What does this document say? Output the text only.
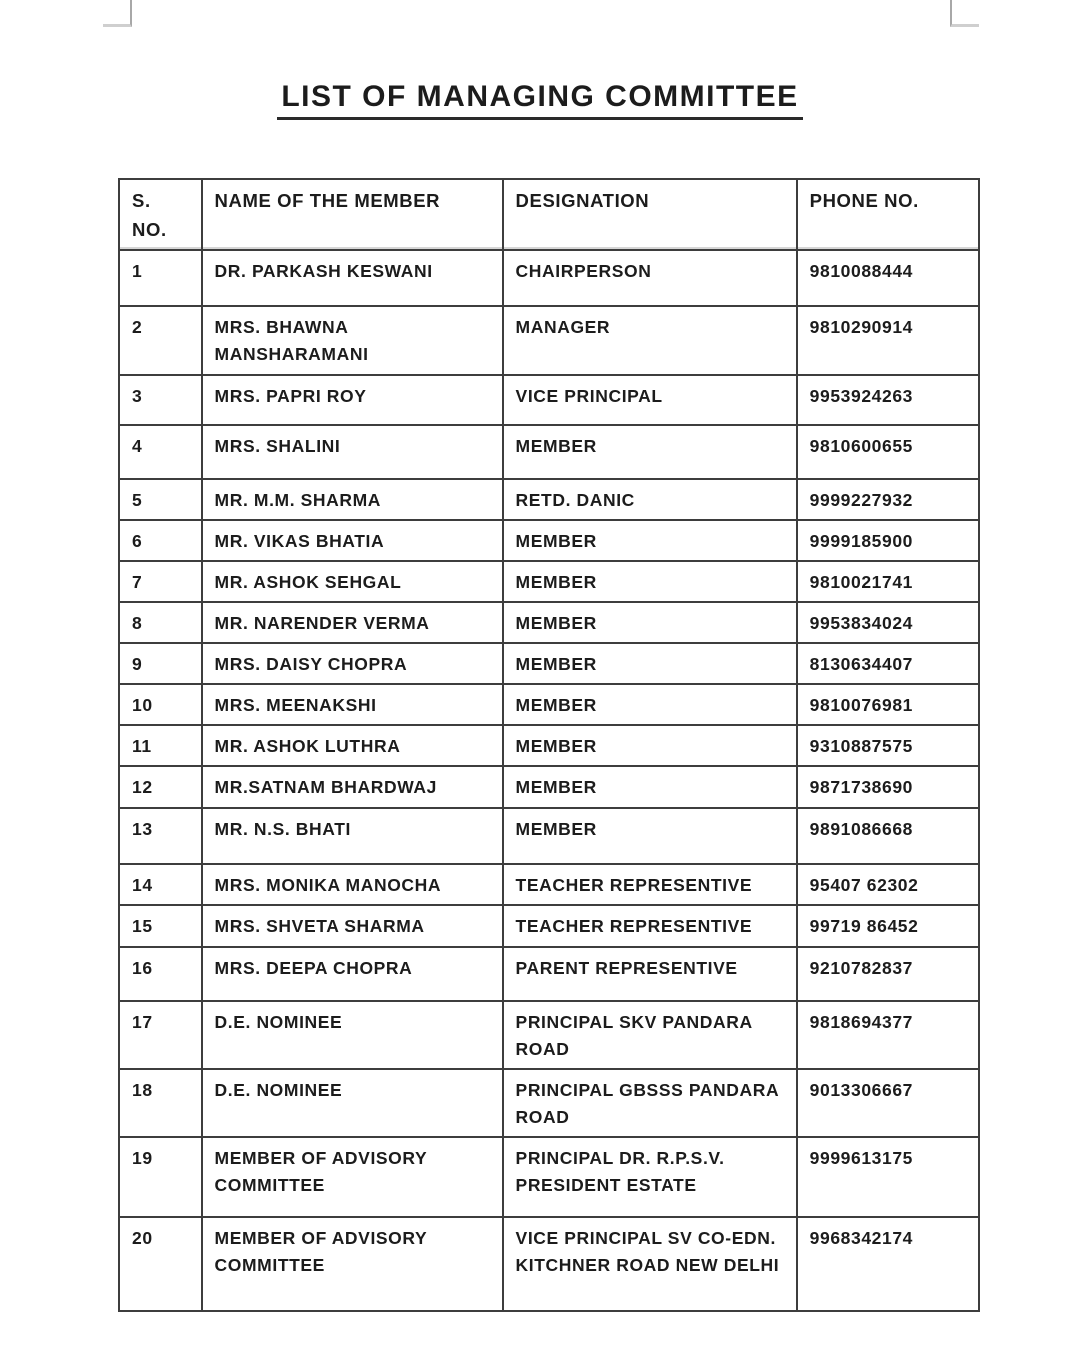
LIST OF MANAGING COMMITTEE
S. NO.	NAME OF THE MEMBER	DESIGNATION	PHONE NO.
1	DR. PARKASH KESWANI	CHAIRPERSON	9810088444
2	MRS. BHAWNA MANSHARAMANI	MANAGER	9810290914
3	MRS. PAPRI ROY	VICE PRINCIPAL	9953924263
4	MRS. SHALINI	MEMBER	9810600655
5	MR. M.M. SHARMA	RETD. DANIC	9999227932
6	MR. VIKAS BHATIA	MEMBER	9999185900
7	MR. ASHOK SEHGAL	MEMBER	9810021741
8	MR. NARENDER VERMA	MEMBER	9953834024
9	MRS. DAISY CHOPRA	MEMBER	8130634407
10	MRS. MEENAKSHI	MEMBER	9810076981
11	MR. ASHOK LUTHRA	MEMBER	9310887575
12	MR.SATNAM BHARDWAJ	MEMBER	9871738690
13	MR. N.S. BHATI	MEMBER	9891086668
14	MRS. MONIKA MANOCHA	TEACHER REPRESENTIVE	95407 62302
15	MRS. SHVETA SHARMA	TEACHER REPRESENTIVE	99719 86452
16	MRS. DEEPA CHOPRA	PARENT REPRESENTIVE	9210782837
17	D.E. NOMINEE	PRINCIPAL SKV PANDARA ROAD	9818694377
18	D.E. NOMINEE	PRINCIPAL GBSSS PANDARA ROAD	9013306667
19	MEMBER OF ADVISORY COMMITTEE	PRINCIPAL DR. R.P.S.V. PRESIDENT ESTATE	9999613175
20	MEMBER OF ADVISORY COMMITTEE	VICE PRINCIPAL SV CO-EDN. KITCHNER ROAD NEW DELHI	9968342174
